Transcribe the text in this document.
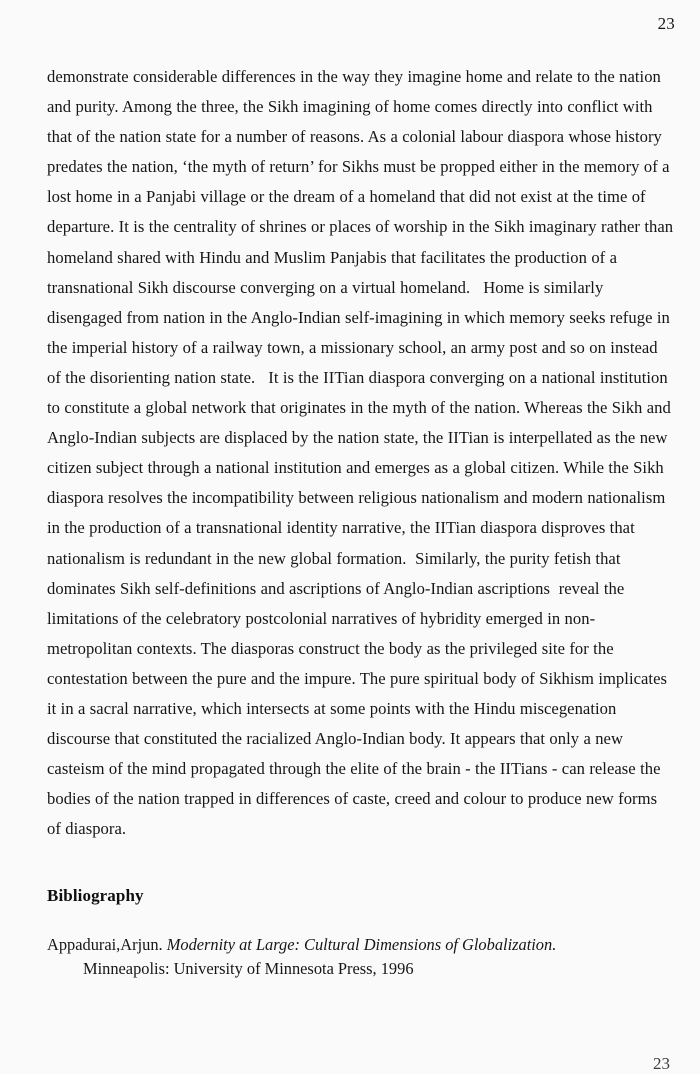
23

demonstrate considerable differences in the way they imagine home and relate to the nation and purity. Among the three, the Sikh imagining of home comes directly into conflict with that of the nation state for a number of reasons. As a colonial labour diaspora whose history predates the nation, ‘the myth of return’ for Sikhs must be propped either in the memory of a lost home in a Panjabi village or the dream of a homeland that did not exist at the time of departure. It is the centrality of shrines or places of worship in the Sikh imaginary rather than homeland shared with Hindu and Muslim Panjabis that facilitates the production of a transnational Sikh discourse converging on a virtual homeland.   Home is similarly disengaged from nation in the Anglo-Indian self-imagining in which memory seeks refuge in the imperial history of a railway town, a missionary school, an army post and so on instead of the disorienting nation state.   It is the IITian diaspora converging on a national institution to constitute a global network that originates in the myth of the nation. Whereas the Sikh and Anglo-Indian subjects are displaced by the nation state, the IITian is interpellated as the new citizen subject through a national institution and emerges as a global citizen. While the Sikh diaspora resolves the incompatibility between religious nationalism and modern nationalism in the production of a transnational identity narrative, the IITian diaspora disproves that nationalism is redundant in the new global formation.  Similarly, the purity fetish that dominates Sikh self-definitions and ascriptions of Anglo-Indian ascriptions  reveal the limitations of the celebratory postcolonial narratives of hybridity emerged in non-metropolitan contexts. The diasporas construct the body as the privileged site for the contestation between the pure and the impure. The pure spiritual body of Sikhism implicates it in a sacral narrative, which intersects at some points with the Hindu miscegenation discourse that constituted the racialized Anglo-Indian body. It appears that only a new casteism of the mind propagated through the elite of the brain - the IITians - can release the bodies of the nation trapped in differences of caste, creed and colour to produce new forms of diaspora.

Bibliography

Appadurai,Arjun. Modernity at Large: Cultural Dimensions of Globalization.
Minneapolis: University of Minnesota Press, 1996

23
